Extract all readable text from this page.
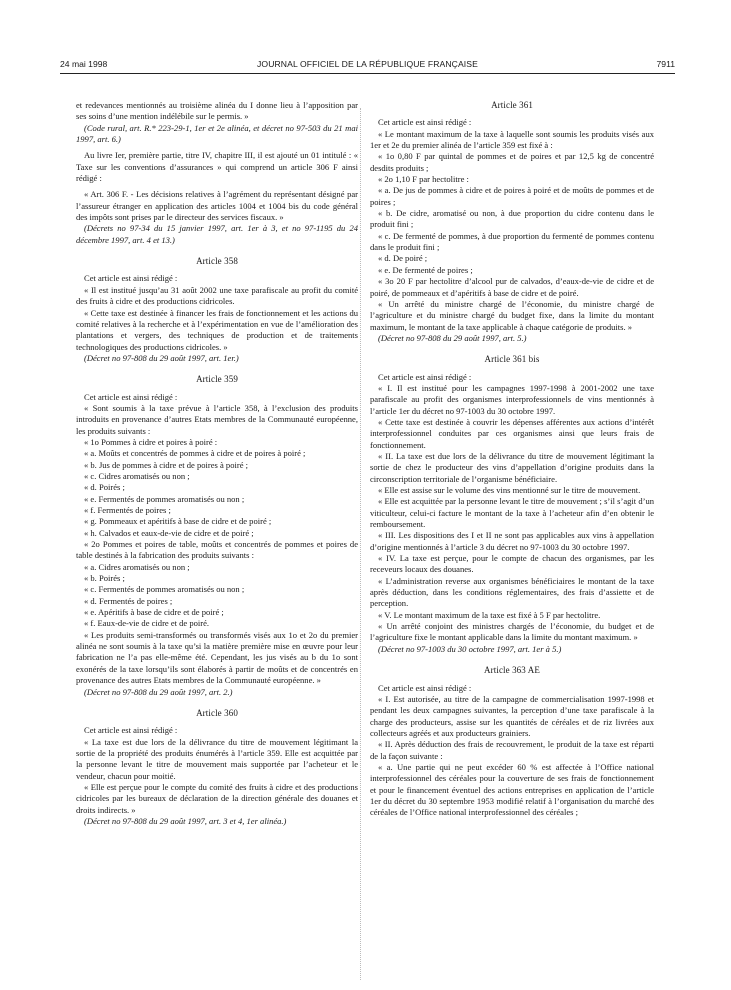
24 mai 1998	JOURNAL OFFICIEL DE LA RÉPUBLIQUE FRANÇAISE	7911

et redevances mentionnés au troisième alinéa du I donne lieu à l’apposition par ses soins d’une mention indélébile sur le permis. »

(Code rural, art. R.* 223-29-1, 1er et 2e alinéa, et décret no 97-503 du 21 mai 1997, art. 6.)

Au livre Ier, première partie, titre IV, chapitre III, il est ajouté un 01 intitulé : « Taxe sur les conventions d’assurances » qui comprend un article 306 F ainsi rédigé :

« Art. 306 F. - Les décisions relatives à l’agrément du représentant désigné par l’assureur étranger en application des articles 1004 et 1004 bis du code général des impôts sont prises par le directeur des services fiscaux. »

(Décrets no 97-34 du 15 janvier 1997, art. 1er à 3, et no 97-1195 du 24 décembre 1997, art. 4 et 13.)

Article 358

Cet article est ainsi rédigé :

« Il est institué jusqu’au 31 août 2002 une taxe parafiscale au profit du comité des fruits à cidre et des productions cidricoles.

« Cette taxe est destinée à financer les frais de fonctionnement et les actions du comité relatives à la recherche et à l’expérimentation en vue de l’amélioration des plantations et vergers, des techniques de production et de traitements technologiques des productions cidricoles. »

(Décret no 97-808 du 29 août 1997, art. 1er.)

Article 359

Cet article est ainsi rédigé :

« Sont soumis à la taxe prévue à l’article 358, à l’exclusion des produits introduits en provenance d’autres Etats membres de la Communauté européenne, les produits suivants :

« 1o Pommes à cidre et poires à poiré :

« a. Moûts et concentrés de pommes à cidre et de poires à poiré ;

« b. Jus de pommes à cidre et de poires à poiré ;

« c. Cidres aromatisés ou non ;

« d. Poirés ;

« e. Fermentés de pommes aromatisés ou non ;

« f. Fermentés de poires ;

« g. Pommeaux et apéritifs à base de cidre et de poiré ;

« h. Calvados et eaux-de-vie de cidre et de poiré ;

« 2o Pommes et poires de table, moûts et concentrés de pommes et poires de table destinés à la fabrication des produits suivants :

« a. Cidres aromatisés ou non ;

« b. Poirés ;

« c. Fermentés de pommes aromatisés ou non ;

« d. Fermentés de poires ;

« e. Apéritifs à base de cidre et de poiré ;

« f. Eaux-de-vie de cidre et de poiré.

« Les produits semi-transformés ou transformés visés aux 1o et 2o du premier alinéa ne sont soumis à la taxe qu’si la matière première mise en œuvre pour leur fabrication ne l’a pas elle-même été. Cependant, les jus visés au b du 1o sont exonérés de la taxe lorsqu’ils sont élaborés à partir de moûts et de concentrés en provenance des autres Etats membres de la Communauté européenne. »

(Décret no 97-808 du 29 août 1997, art. 2.)

Article 360

Cet article est ainsi rédigé :

« La taxe est due lors de la délivrance du titre de mouvement légitimant la sortie de la propriété des produits énumérés à l’article 359. Elle est acquittée par la personne levant le titre de mouvement mais supportée par l’acheteur et le vendeur, chacun pour moitié.

« Elle est perçue pour le compte du comité des fruits à cidre et des productions cidricoles par les bureaux de déclaration de la direction générale des douanes et droits indirects. »

(Décret no 97-808 du 29 août 1997, art. 3 et 4, 1er alinéa.)

Article 361

Cet article est ainsi rédigé :

« Le montant maximum de la taxe à laquelle sont soumis les produits visés aux 1er et 2e du premier alinéa de l’article 359 est fixé à :

« 1o 0,80 F par quintal de pommes et de poires et par 12,5 kg de concentré desdits produits ;

« 2o 1,10 F par hectolitre :

« a. De jus de pommes à cidre et de poires à poiré et de moûts de pommes et de poires ;

« b. De cidre, aromatisé ou non, à due proportion du cidre contenu dans le produit fini ;

« c. De fermenté de pommes, à due proportion du fermenté de pommes contenu dans le produit fini ;

« d. De poiré ;

« e. De fermenté de poires ;

« 3o 20 F par hectolitre d’alcool pur de calvados, d’eaux-de-vie de cidre et de poiré, de pommeaux et d’apéritifs à base de cidre et de poiré.

« Un arrêté du ministre chargé de l’économie, du ministre chargé de l’agriculture et du ministre chargé du budget fixe, dans la limite du montant maximum, le montant de la taxe applicable à chaque catégorie de produits. »

(Décret no 97-808 du 29 août 1997, art. 5.)

Article 361 bis

Cet article est ainsi rédigé :

« I. Il est institué pour les campagnes 1997-1998 à 2001-2002 une taxe parafiscale au profit des organismes interprofessionnels de vins mentionnés à l’article 1er du décret no 97-1003 du 30 octobre 1997.

« Cette taxe est destinée à couvrir les dépenses afférentes aux actions d’intérêt interprofessionnel conduites par ces organismes ainsi que leurs frais de fonctionnement.

« II. La taxe est due lors de la délivrance du titre de mouvement légitimant la sortie de chez le producteur des vins d’appellation d’origine produits dans la circonscription territoriale de l’organisme bénéficiaire.

« Elle est assise sur le volume des vins mentionné sur le titre de mouvement.

« Elle est acquittée par la personne levant le titre de mouvement ; s’il s’agit d’un viticulteur, celui-ci facture le montant de la taxe à l’acheteur afin d’en obtenir le remboursement.

« III. Les dispositions des I et II ne sont pas applicables aux vins à appellation d’origine mentionnés à l’article 3 du décret no 97-1003 du 30 octobre 1997.

« IV. La taxe est perçue, pour le compte de chacun des organismes, par les receveurs locaux des douanes.

« L’administration reverse aux organismes bénéficiaires le montant de la taxe après déduction, dans les conditions réglementaires, des frais d’assiette et de perception.

« V. Le montant maximum de la taxe est fixé à 5 F par hectolitre.

« Un arrêté conjoint des ministres chargés de l’économie, du budget et de l’agriculture fixe le montant applicable dans la limite du montant maximum. »

(Décret no 97-1003 du 30 octobre 1997, art. 1er à 5.)

Article 363 AE

Cet article est ainsi rédigé :

« I. Est autorisée, au titre de la campagne de commercialisation 1997-1998 et pendant les deux campagnes suivantes, la perception d’une taxe parafiscale à la charge des producteurs, assise sur les quantités de céréales et de riz livrées aux collecteurs agréés et aux producteurs grainiers.

« II. Après déduction des frais de recouvrement, le produit de la taxe est réparti de la façon suivante :

« a. Une partie qui ne peut excéder 60 % est affectée à l’Office national interprofessionnel des céréales pour la couverture de ses frais de fonctionnement et pour le financement éventuel des actions entreprises en application de l’article 1er du décret du 30 septembre 1953 modifié relatif à l’organisation du marché des céréales de l’Office national interprofessionnel des céréales ;
